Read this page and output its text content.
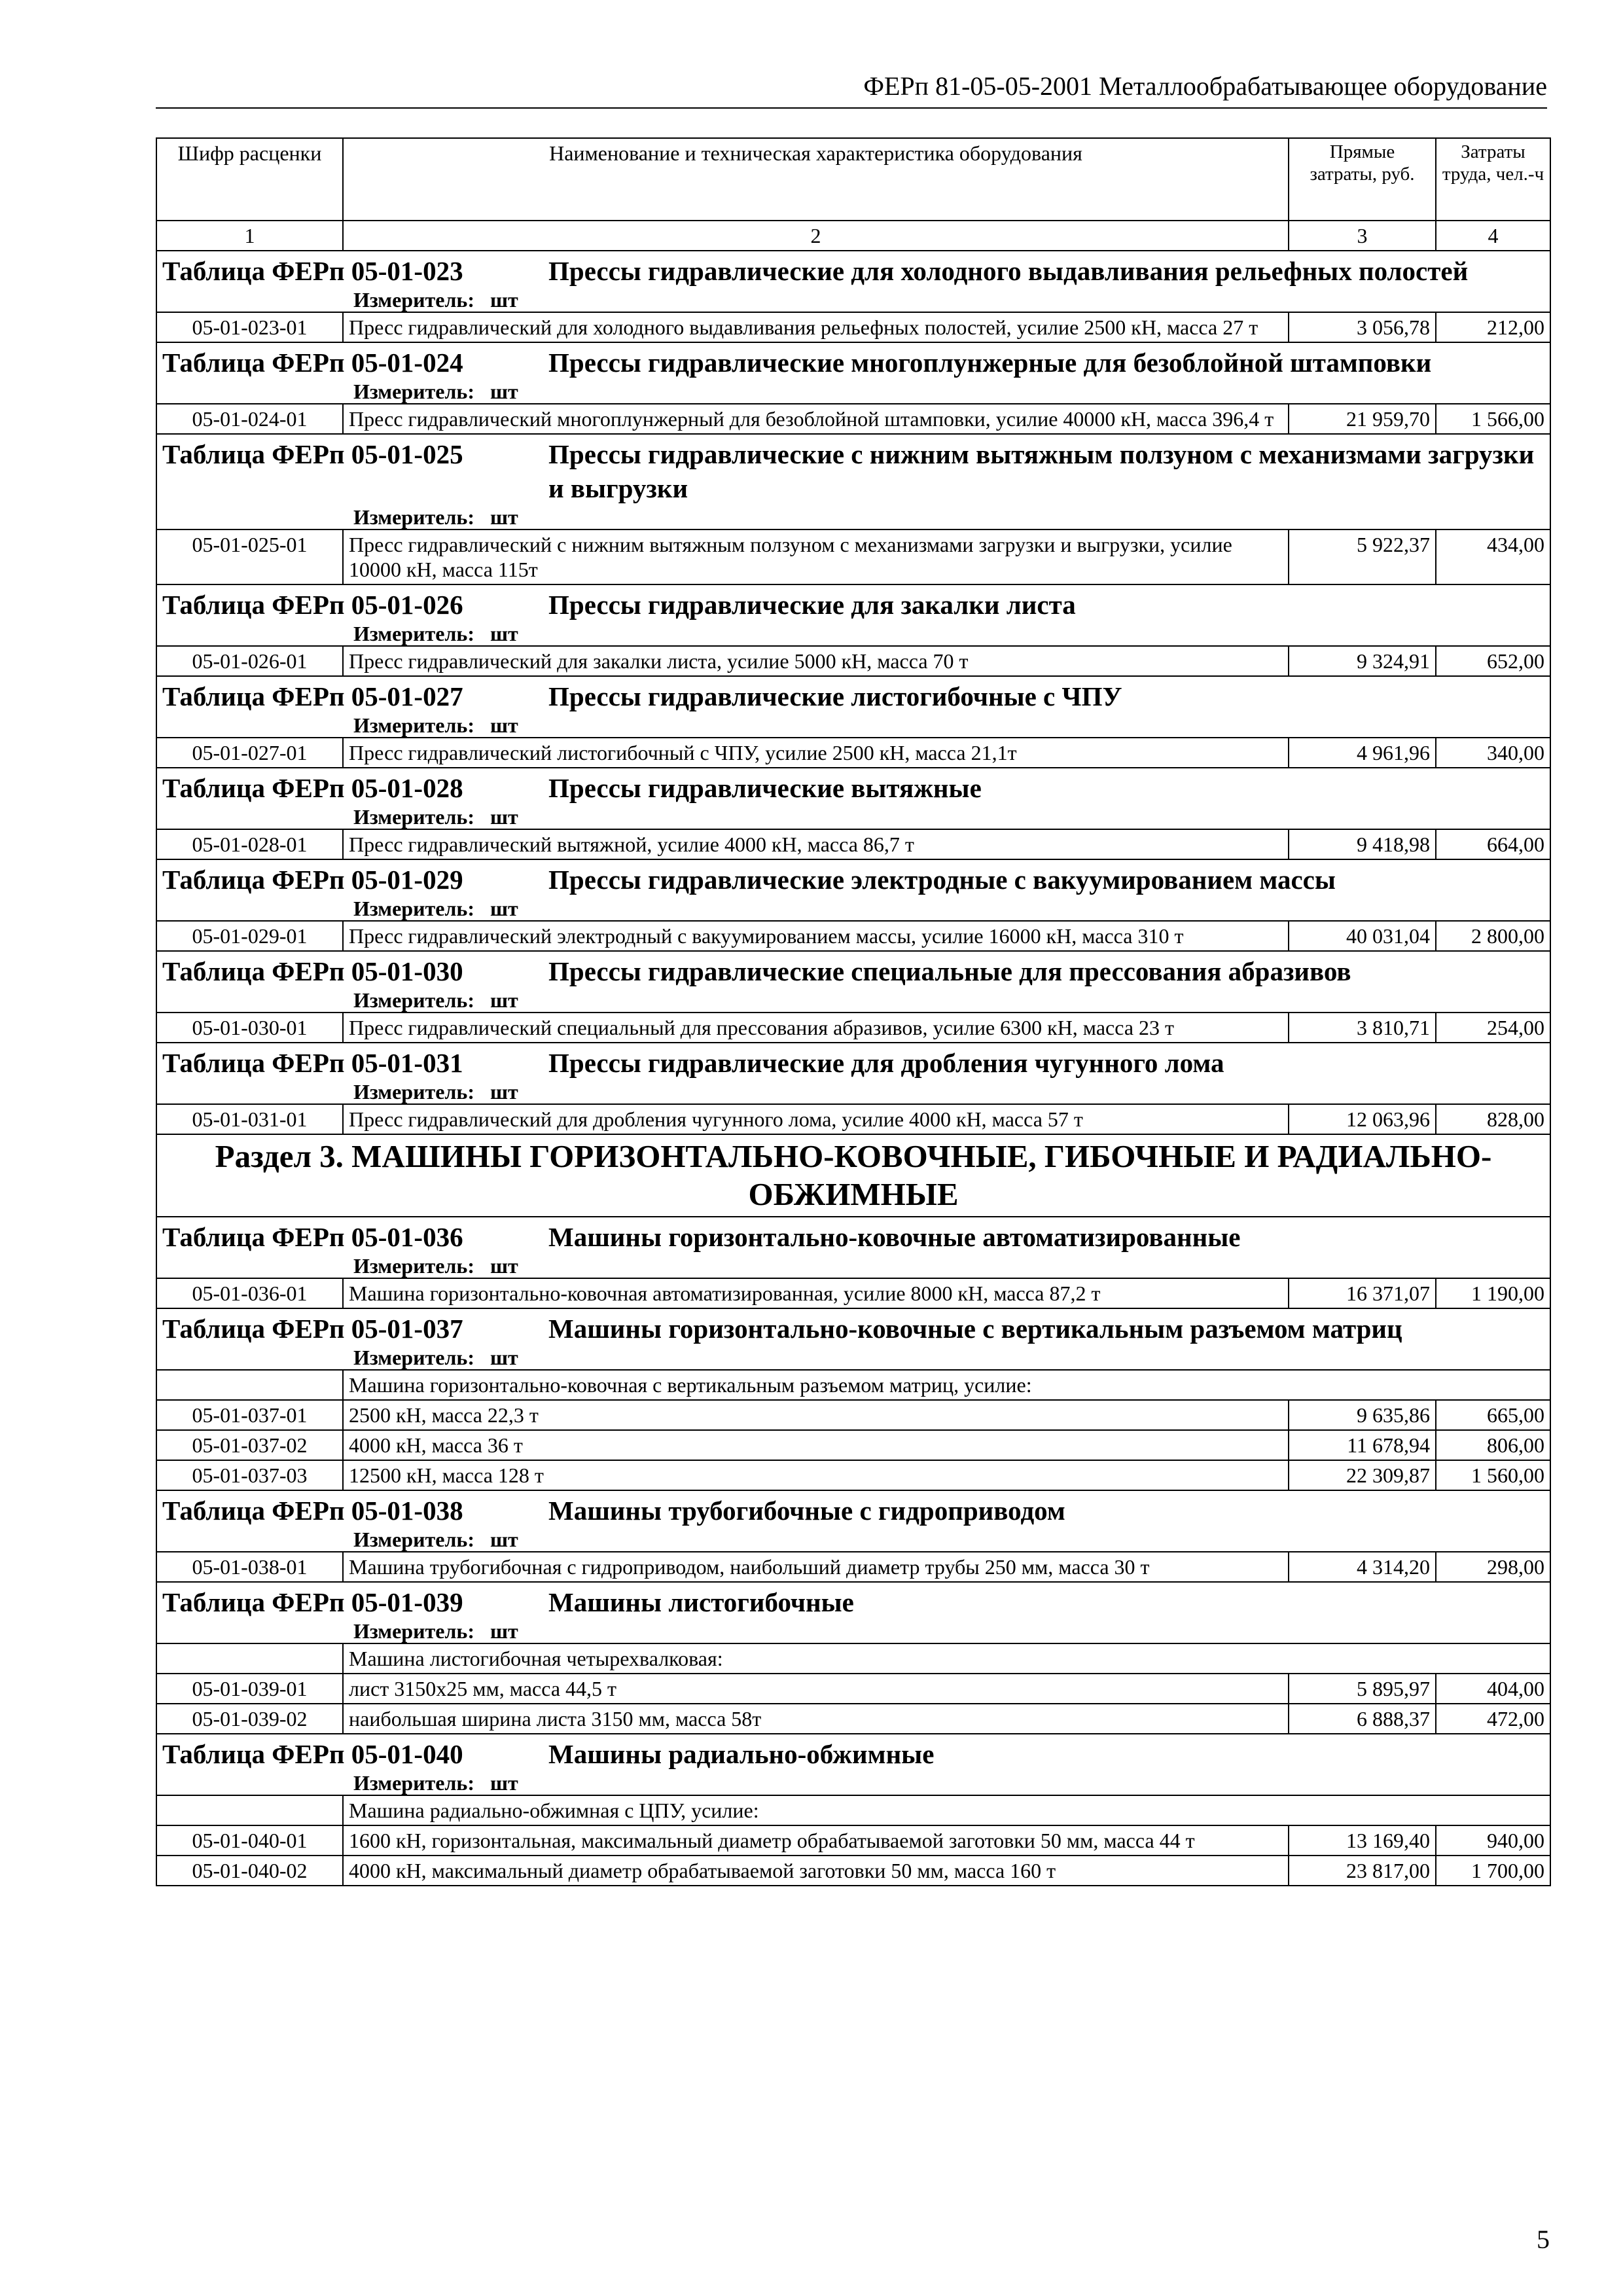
ФЕРп 81-05-05-2001 Металлообрабатывающее оборудование
Шифр расценки	Наименование и техническая характеристика оборудования	Прямые затраты, руб.	Затраты труда, чел.-ч
1	2	3	4

Таблица ФЕРп 05-01-023 Прессы гидравлические для холодного выдавливания рельефных полостей
Измеритель: шт			

05-01-023-01	Пресс гидравлический для холодного выдавливания рельефных полостей, усилие 2500 кН, масса 27 т	3 056,78	212,00

Таблица ФЕРп 05-01-024 Прессы гидравлические многоплунжерные для безоблойной штамповки
Измеритель: шт			

05-01-024-01	Пресс гидравлический многоплунжерный для безоблойной штамповки, усилие 40000 кН, масса 396,4 т	21 959,70	1 566,00

Таблица ФЕРп 05-01-025 Прессы гидравлические с нижним вытяжным ползуном с механизмами загрузки и выгрузки
Измеритель: шт			

05-01-025-01	Пресс гидравлический с нижним вытяжным ползуном с механизмами загрузки и выгрузки, усилие 10000 кН, масса 115т	5 922,37	434,00

Таблица ФЕРп 05-01-026 Прессы гидравлические для закалки листа
Измеритель: шт			

05-01-026-01	Пресс гидравлический для закалки листа, усилие 5000 кН, масса 70 т	9 324,91	652,00

Таблица ФЕРп 05-01-027 Прессы гидравлические листогибочные с ЧПУ
Измеритель: шт			

05-01-027-01	Пресс гидравлический листогибочный с ЧПУ, усилие 2500 кН, масса 21,1т	4 961,96	340,00

Таблица ФЕРп 05-01-028 Прессы гидравлические вытяжные
Измеритель: шт			

05-01-028-01	Пресс гидравлический вытяжной, усилие 4000 кН, масса 86,7 т	9 418,98	664,00

Таблица ФЕРп 05-01-029 Прессы гидравлические электродные с вакуумированием массы
Измеритель: шт			

05-01-029-01	Пресс гидравлический электродный с вакуумированием массы, усилие 16000 кН, масса 310 т	40 031,04	2 800,00

Таблица ФЕРп 05-01-030 Прессы гидравлические специальные для прессования абразивов
Измеритель: шт			

05-01-030-01	Пресс гидравлический специальный для прессования абразивов, усилие 6300 кН, масса 23 т	3 810,71	254,00

Таблица ФЕРп 05-01-031 Прессы гидравлические для дробления чугунного лома
Измеритель: шт			

05-01-031-01	Пресс гидравлический для дробления чугунного лома, усилие 4000 кН, масса 57 т	12 063,96	828,00
Раздел 3. МАШИНЫ ГОРИЗОНТАЛЬНО-КОВОЧНЫЕ, ГИБОЧНЫЕ И РАДИАЛЬНО-ОБЖИМНЫЕ			

Таблица ФЕРп 05-01-036 Машины горизонтально-ковочные автоматизированные
Измеритель: шт			

05-01-036-01	Машина горизонтально-ковочная автоматизированная, усилие 8000 кН, масса 87,2 т	16 371,07	1 190,00

Таблица ФЕРп 05-01-037 Машины горизонтально-ковочные с вертикальным разъемом матриц
Измеритель: шт			

	Машина горизонтально-ковочная с вертикальным разъемом матриц, усилие:		
05-01-037-01	2500 кН, масса 22,3 т	9 635,86	665,00
05-01-037-02	4000 кН, масса 36 т	11 678,94	806,00
05-01-037-03	12500 кН, масса 128 т	22 309,87	1 560,00

Таблица ФЕРп 05-01-038 Машины трубогибочные с гидроприводом
Измеритель: шт			

05-01-038-01	Машина трубогибочная с гидроприводом, наибольший диаметр трубы 250 мм, масса 30 т	4 314,20	298,00

Таблица ФЕРп 05-01-039 Машины листогибочные
Измеритель: шт			

	Машина листогибочная четырехвалковая:		
05-01-039-01	лист 3150x25 мм, масса 44,5 т	5 895,97	404,00
05-01-039-02	наибольшая ширина листа 3150 мм, масса 58т	6 888,37	472,00

Таблица ФЕРп 05-01-040 Машины радиально-обжимные
Измеритель: шт			

	Машина радиально-обжимная с ЦПУ, усилие:		
05-01-040-01	1600 кН, горизонтальная, максимальный диаметр обрабатываемой заготовки 50 мм, масса 44 т	13 169,40	940,00
05-01-040-02	4000 кН, максимальный диаметр обрабатываемой заготовки 50 мм, масса 160 т	23 817,00	1 700,00
5
